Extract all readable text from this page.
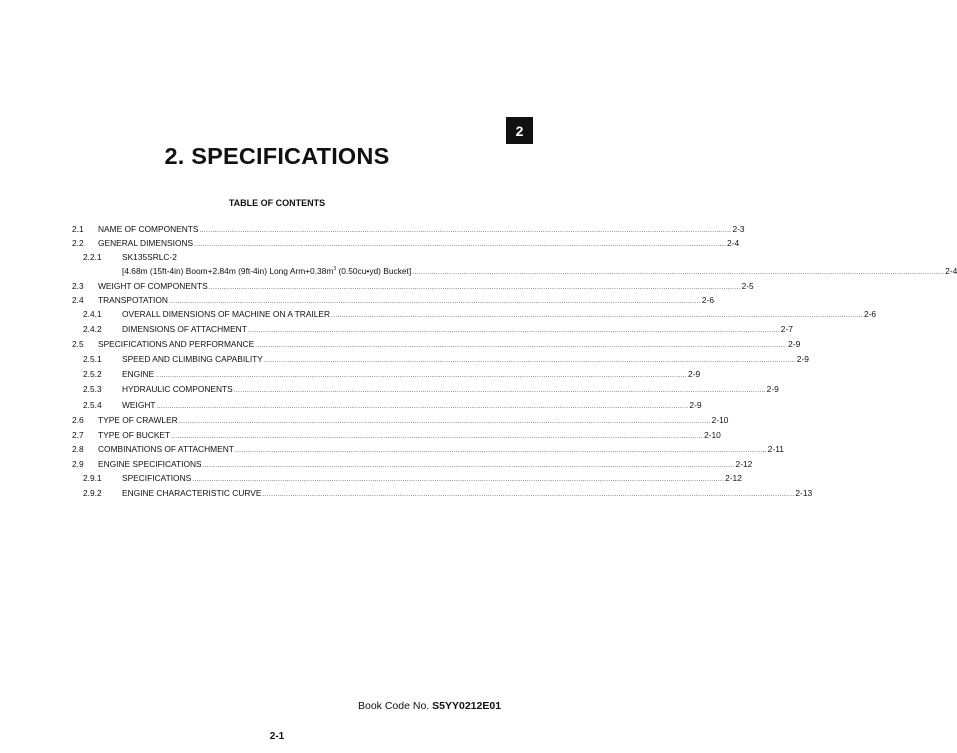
2
2. SPECIFICATIONS
TABLE OF CONTENTS
2.1	NAME OF COMPONENTS ........................................................................................................................................................................................................................................................ 2-3
2.2	GENERAL DIMENSIONS ........................................................................................................................................................................................................................................................ 2-4
2.2.1 SK135SRLC-2
[4.68m (15ft-4in) Boom+2.84m (9ft-4in) Long $Arm+0.38m^3$ (0.50cu•yd) Bucket] ........................................................................................................................................................................................................................................................ 2-4
2.3	WEIGHT OF COMPONENTS ........................................................................................................................................................................................................................................................ 2-5
2.4	TRANSPOTATION ........................................................................................................................................................................................................................................................ 2-6
2.4.1	OVERALL DIMENSIONS OF MACHINE ON A TRAILER ........................................................................................................................................................................................................................................................ 2-6
2.4.2	DIMENSIONS OF ATTACHMENT ........................................................................................................................................................................................................................................................ 2-7
2.5	SPECIFICATIONS AND PERFORMANCE ........................................................................................................................................................................................................................................................ 2-9
2.5.1	SPEED AND CLIMBING CAPABILITY ........................................................................................................................................................................................................................................................ 2-9
2.5.2	ENGINE ........................................................................................................................................................................................................................................................ 2-9
2.5.3	HYDRAULIC COMPONENTS ........................................................................................................................................................................................................................................................ 2-9
2.5.4	WEIGHT ........................................................................................................................................................................................................................................................ 2-9
2.6	TYPE OF CRAWLER ........................................................................................................................................................................................................................................................ 2-10
2.7	TYPE OF BUCKET ........................................................................................................................................................................................................................................................ 2-10
2.8	COMBINATIONS OF ATTACHMENT ........................................................................................................................................................................................................................................................ 2-11
2.9	ENGINE SPECIFICATIONS ........................................................................................................................................................................................................................................................ 2-12
2.9.1	SPECIFICATIONS ........................................................................................................................................................................................................................................................ 2-12
2.9.2	ENGINE CHARACTERISTIC CURVE ........................................................................................................................................................................................................................................................ 2-13
Book Code No. S5YY0212E01
2-1
